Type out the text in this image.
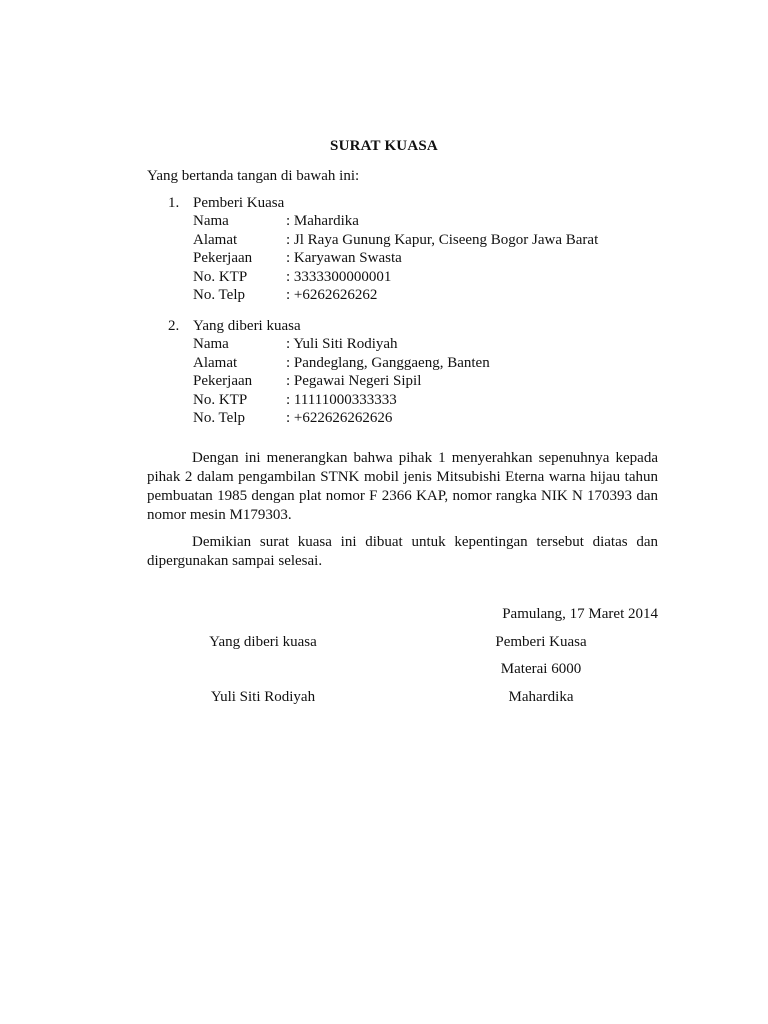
SURAT KUASA
Yang bertanda tangan di bawah ini:
1. Pemberi Kuasa
Nama	: Mahardika
Alamat	: Jl Raya Gunung Kapur, Ciseeng Bogor Jawa Barat
Pekerjaan : Karyawan Swasta
No. KTP	: 3333300000001
No. Telp	: +6262626262
2. Yang diberi kuasa
Nama	: Yuli Siti Rodiyah
Alamat	: Pandeglang, Ganggaeng, Banten
Pekerjaan : Pegawai Negeri Sipil
No. KTP	: 11111000333333
No. Telp	: +622626262626
Dengan ini menerangkan bahwa pihak 1 menyerahkan sepenuhnya kepada pihak 2 dalam pengambilan STNK mobil jenis Mitsubishi Eterna warna hijau tahun pembuatan 1985 dengan plat nomor F 2366 KAP, nomor rangka NIK N 170393 dan nomor mesin M179303.
Demikian surat kuasa ini dibuat untuk kepentingan tersebut diatas dan dipergunakan sampai selesai.
Pamulang, 17 Maret 2014
Yang diberi kuasa	Pemberi Kuasa
Materai 6000
Yuli Siti Rodiyah	Mahardika
